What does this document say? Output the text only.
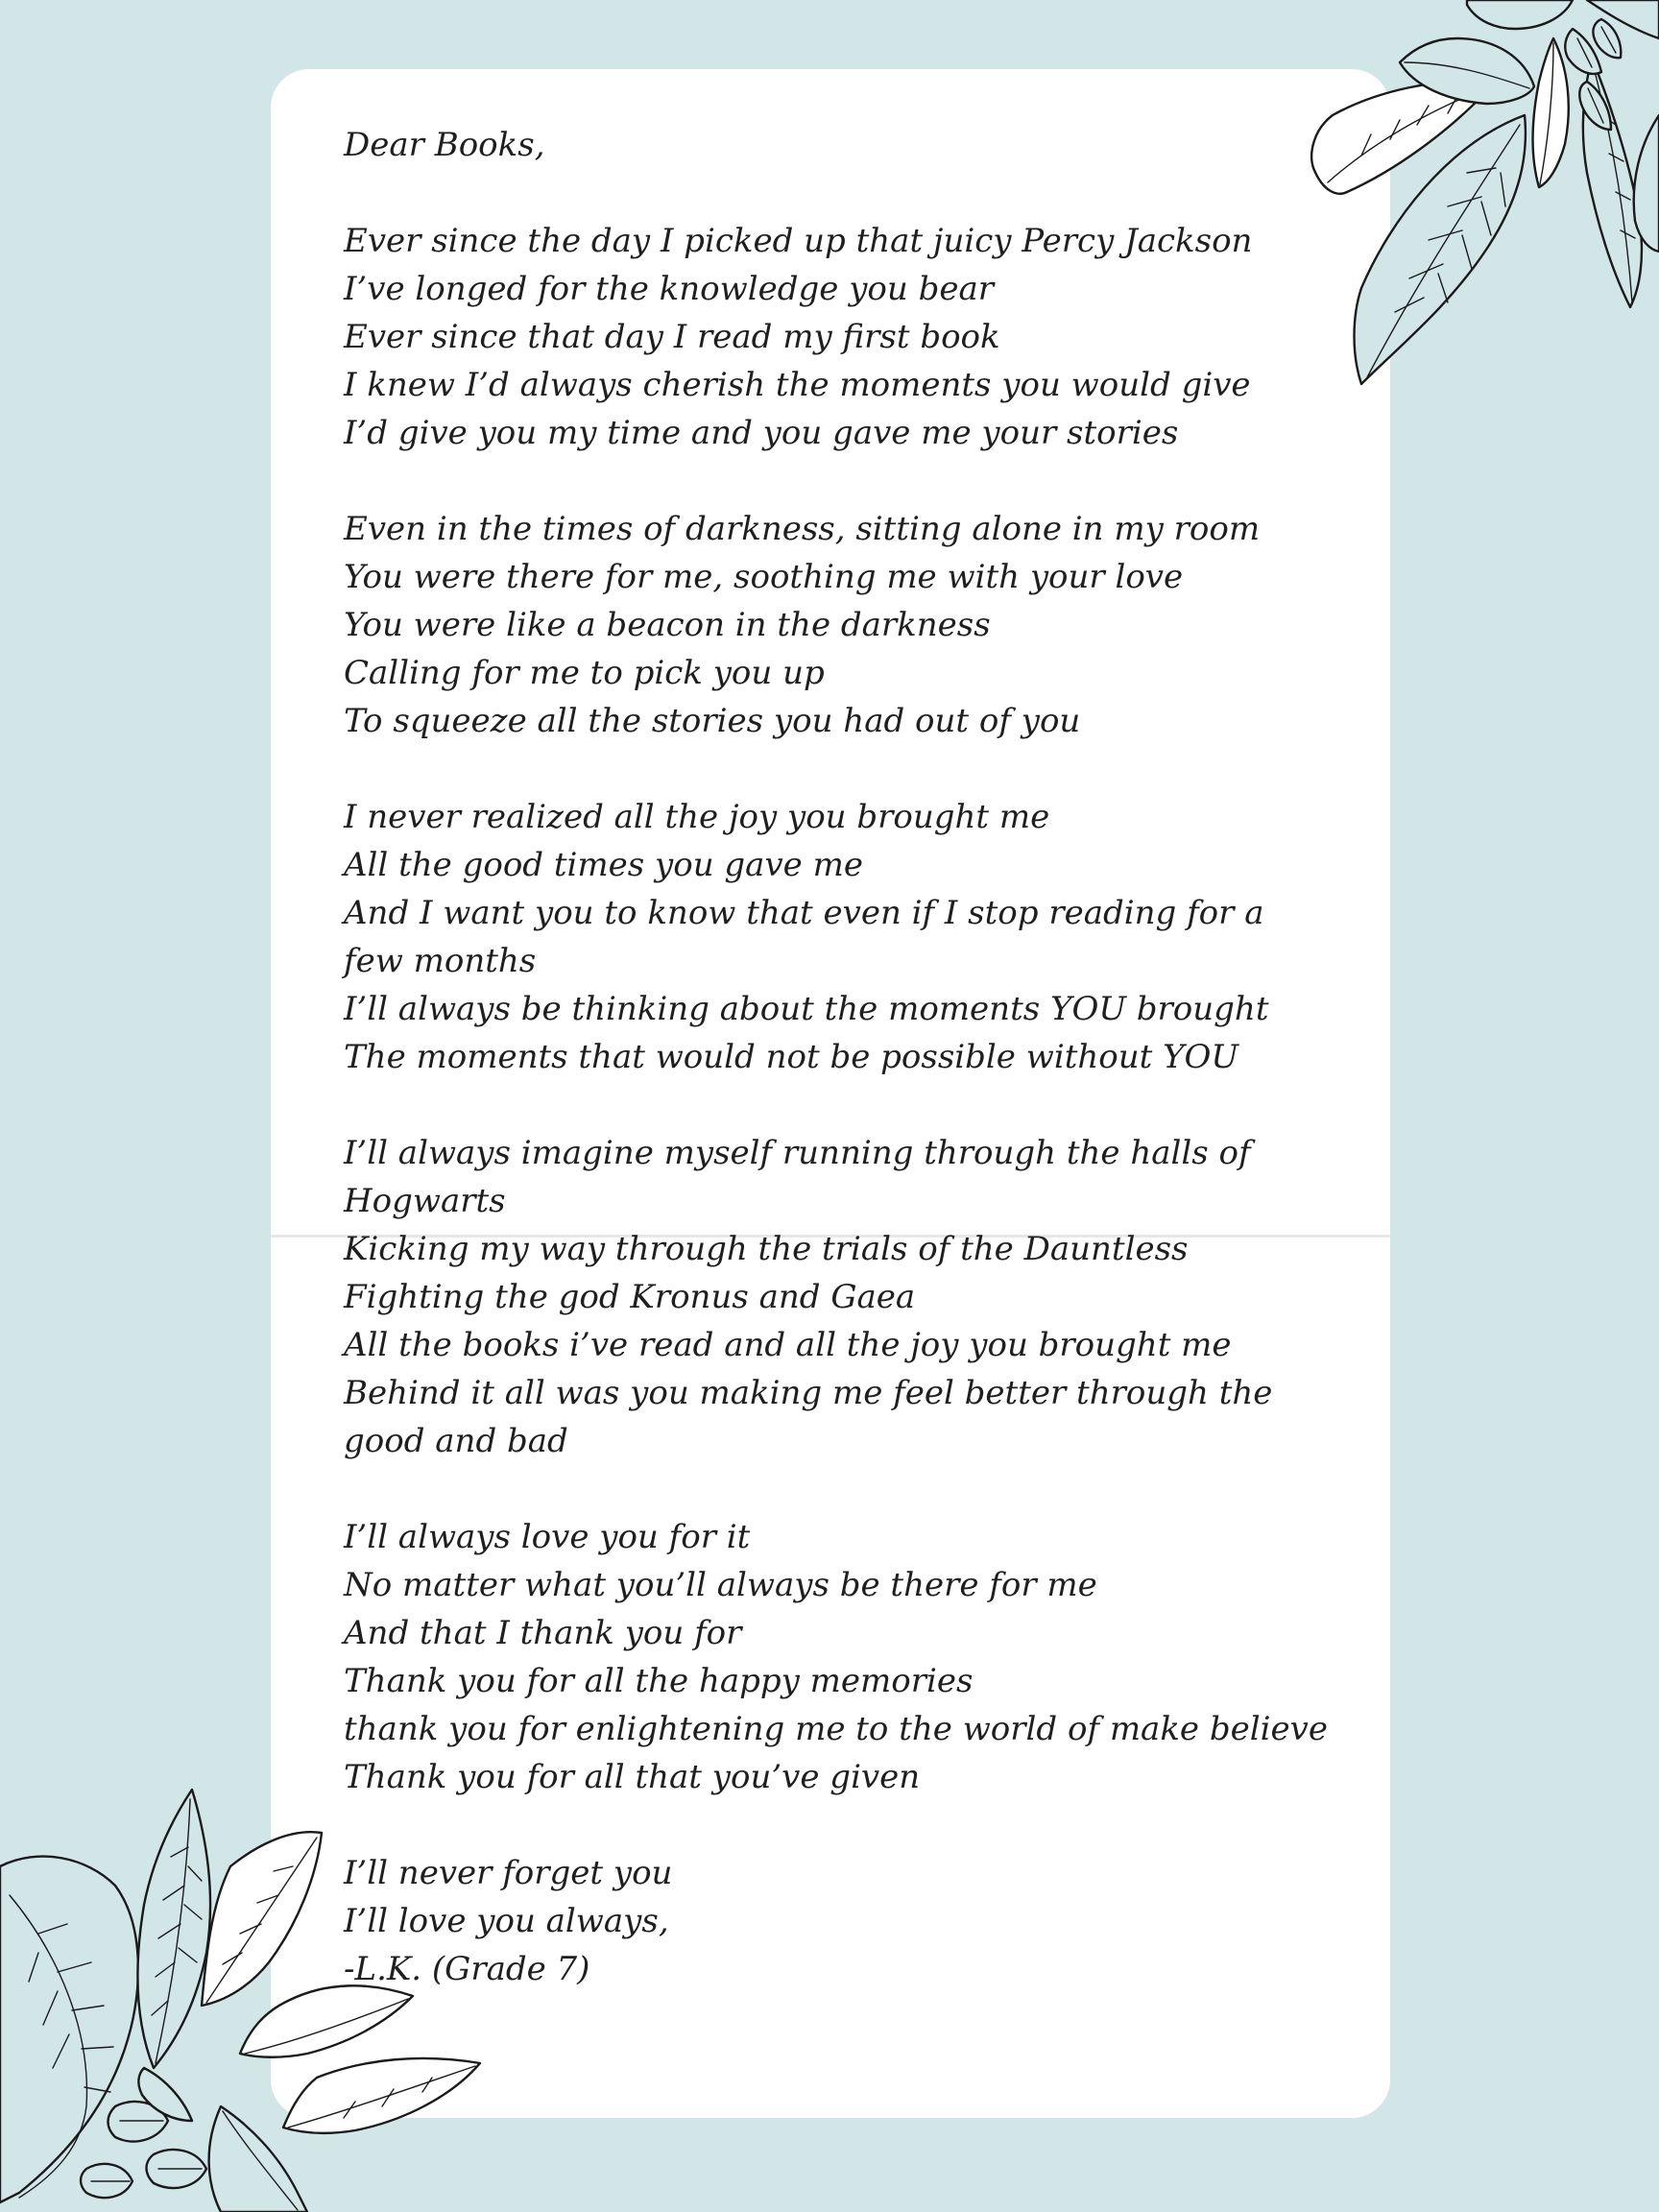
Dear Books,
Ever since the day I picked up that juicy Percy Jackson
I’ve longed for the knowledge you bear
Ever since that day I read my first book
I knew I’d always cherish the moments you would give
I’d give you my time and you gave me your stories
Even in the times of darkness, sitting alone in my room
You were there for me, soothing me with your love
You were like a beacon in the darkness
Calling for me to pick you up
To squeeze all the stories you had out of you
I never realized all the joy you brought me
All the good times you gave me
And I want you to know that even if I stop reading for a
few months
I’ll always be thinking about the moments YOU brought
The moments that would not be possible without YOU
I’ll always imagine myself running through the halls of
Hogwarts
Kicking my way through the trials of the Dauntless
Fighting the god Kronus and Gaea
All the books i’ve read and all the joy you brought me
Behind it all was you making me feel better through the
good and bad
I’ll always love you for it
No matter what you’ll always be there for me
And that I thank you for
Thank you for all the happy memories
thank you for enlightening me to the world of make believe
Thank you for all that you’ve given
I’ll never forget you
I’ll love you always,
-L.K. (Grade 7)
